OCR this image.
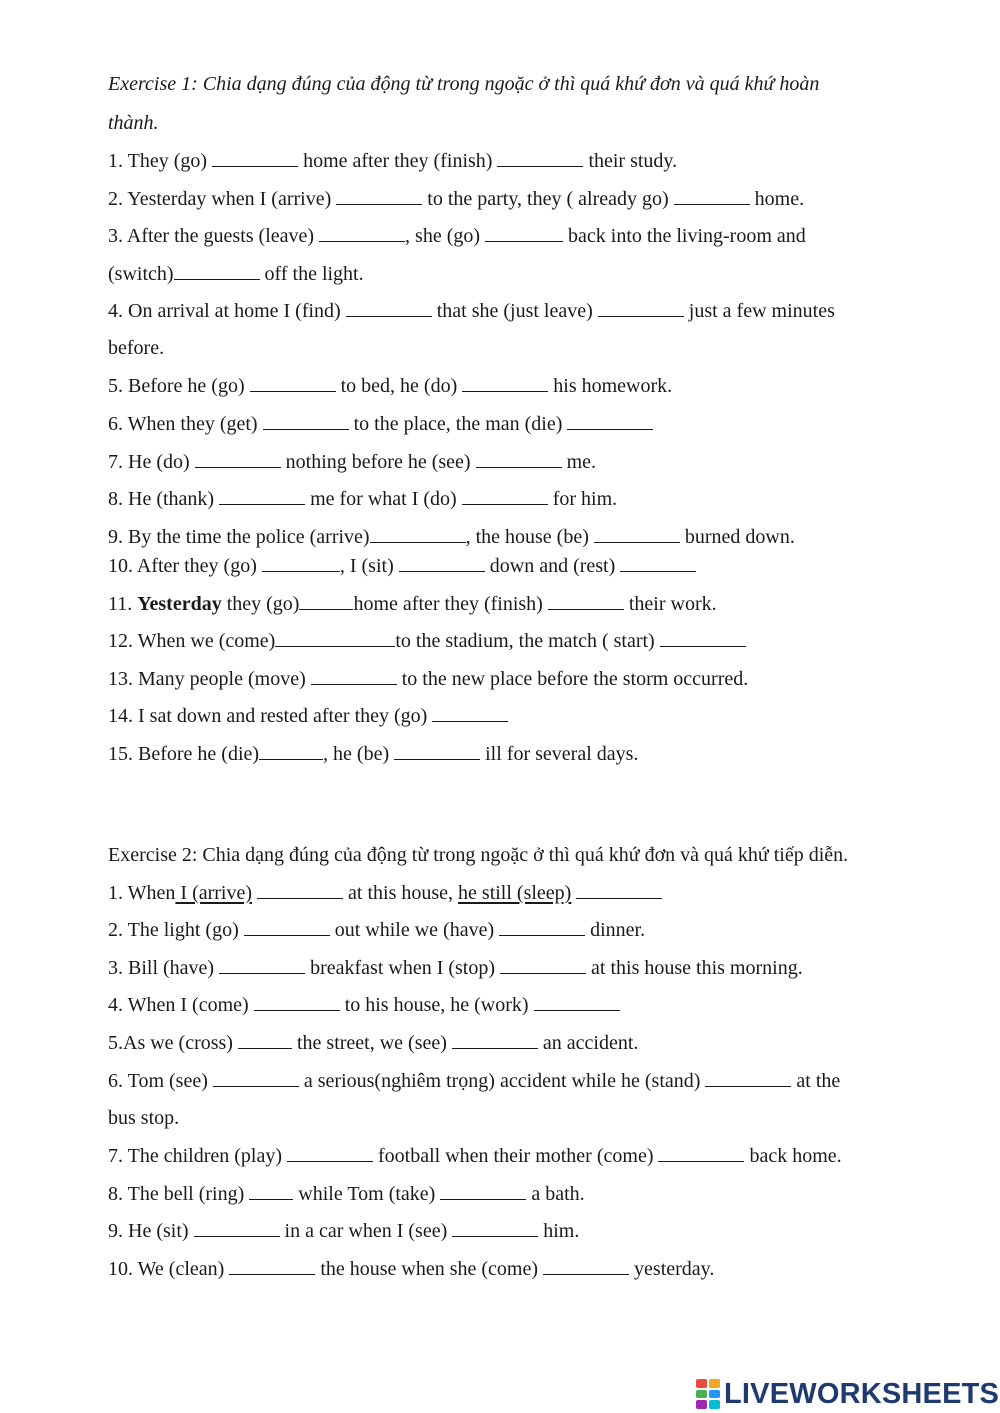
Exercise 1: Chia dạng đúng của động từ trong ngoặc ở thì quá khứ đơn và quá khứ hoàn
thành.
1. They (go)	home after they (finish)	their study.
2. Yesterday when I (arrive)	to the party, they ( already go)	home.
3. After the guests (leave)	, she (go)	back into the living-room and
(switch)	off the light.
4. On arrival at home I (find)	that she (just leave)	just a few minutes
before.
5. Before he (go)	to bed, he (do)	his homework.
6. When they (get)	to the place, the man (die)
7. He (do)	nothing before he (see)	me.
8. He (thank)	me for what I (do)	for him.
9. By the time the police (arrive)	, the house (be)	burned down.
10. After they (go)	, I (sit)	down and (rest)
11. Yesterday they (go)	home after they (finish)	their work.
12. When we (come)	to the stadium, the match ( start)
13. Many people (move)	to the new place before the storm occurred.
14. I sat down and rested after they (go)
15. Before he (die)	, he (be)	ill for several days.
Exercise 2: Chia dạng đúng của động từ trong ngoặc ở thì quá khứ đơn và quá khứ tiếp diễn.
1. When I (arrive)	at this house, he still (sleep)
2. The light (go)	out while we (have)	dinner.
3. Bill (have)	breakfast when I (stop)	at this house this morning.
4. When I (come)	to his house, he (work)
5.As we (cross)	the street, we (see)	an accident.
6. Tom (see)	a serious(nghiêm trọng) accident while he (stand)	at the
bus stop.
7. The children (play)	football when their mother (come)	back home.
8. The bell (ring)  while Tom (take)	a bath.
9. He (sit)	in a car when I (see)	him.
10. We (clean)	the house when she (come)	yesterday.
LIVEWORKSHEETS
